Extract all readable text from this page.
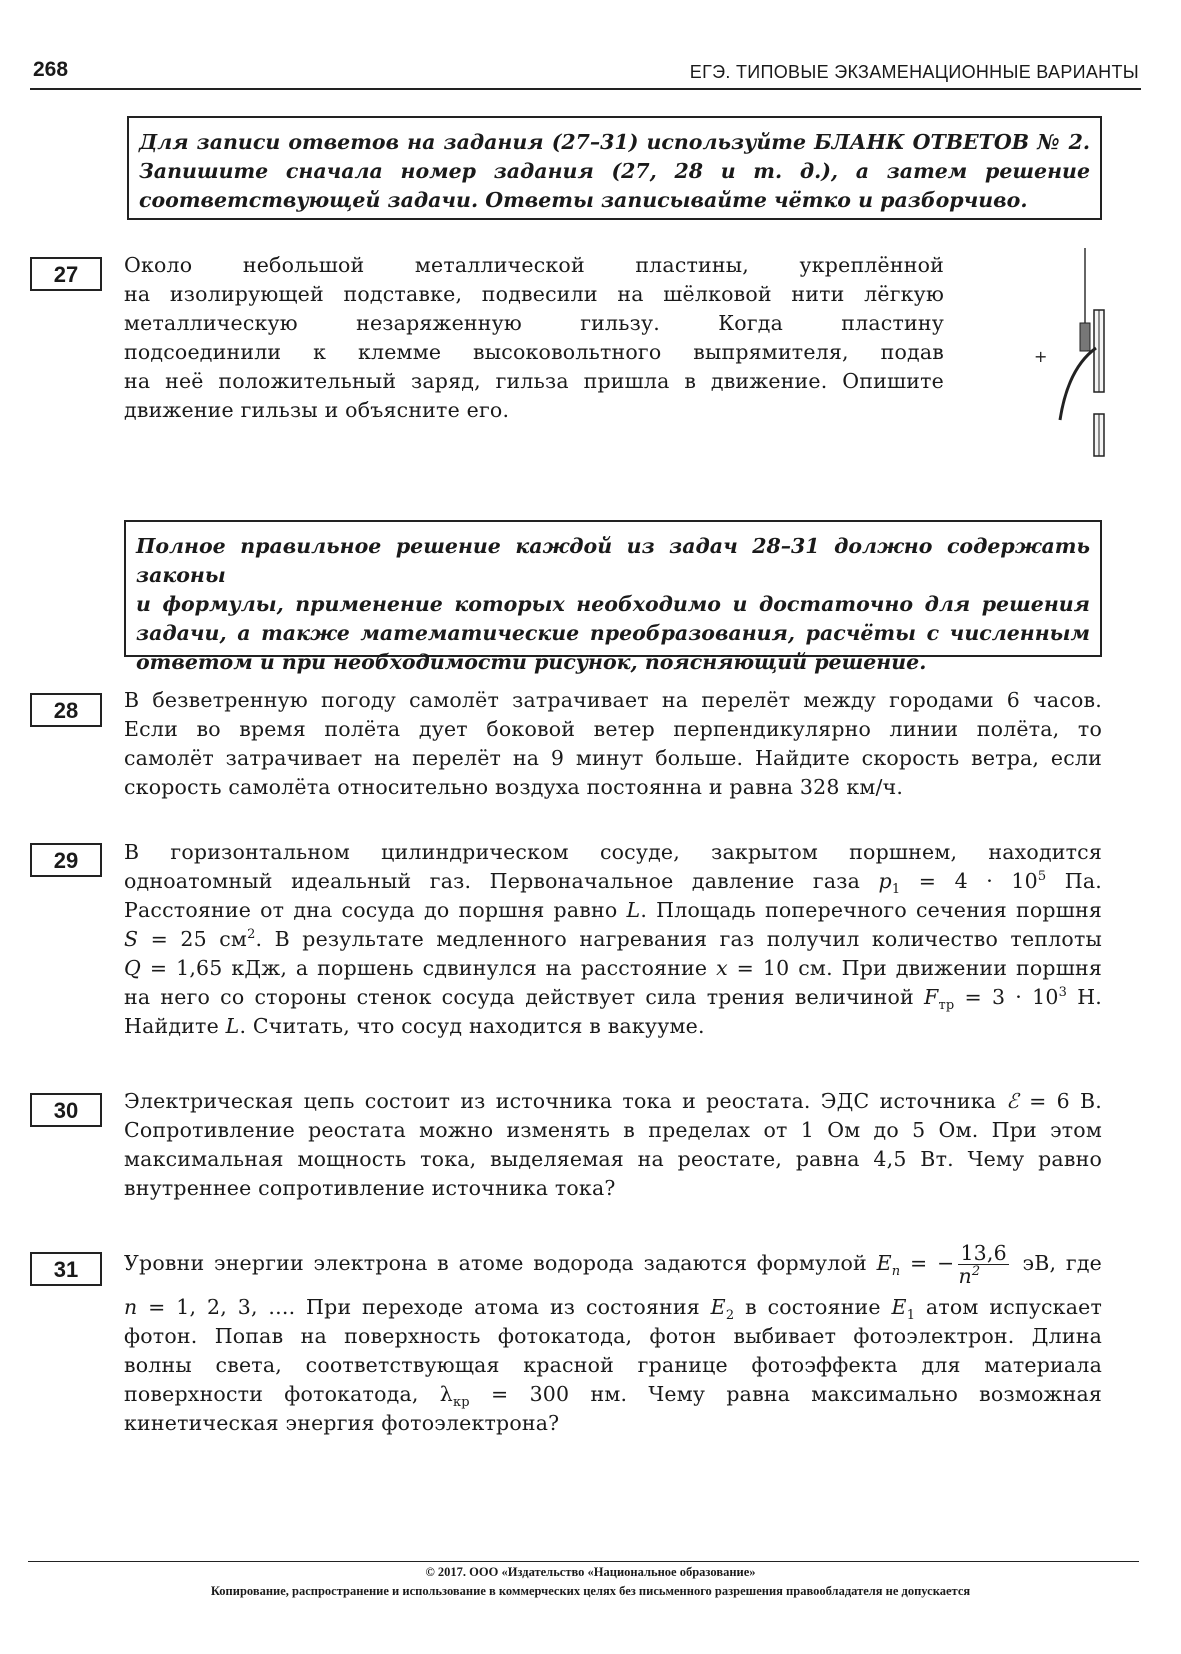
268	ЕГЭ. ТИПОВЫЕ ЭКЗАМЕНАЦИОННЫЕ ВАРИАНТЫ
Для записи ответов на задания (27–31) используйте БЛАНК ОТВЕТОВ № 2.
Запишите сначала номер задания (27, 28 и т. д.), а затем решение
соответствующей задачи. Ответы записывайте чётко и разборчиво.
27	Около небольшой металлической пластины, укреплённой
на изолирующей подставке, подвесили на шёлковой нити лёгкую
металлическую незаряженную гильзу. Когда пластину
подсоединили к клемме высоковольтного выпрямителя, подав
на неё положительный заряд, гильза пришла в движение. Опишите
движение гильзы и объясните его.
+
Полное правильное решение каждой из задач 28–31 должно содержать законы
и формулы, применение которых необходимо и достаточно для решения
задачи, а также математические преобразования, расчёты с численным
ответом и при необходимости рисунок, поясняющий решение.
28	В безветренную погоду самолёт затрачивает на перелёт между городами 6 часов.
Если во время полёта дует боковой ветер перпендикулярно линии полёта, то
самолёт затрачивает на перелёт на 9 минут больше. Найдите скорость ветра, если
скорость самолёта относительно воздуха постоянна и равна 328 км/ч.
29	В горизонтальном цилиндрическом сосуде, закрытом поршнем, находится
одноатомный идеальный газ. Первоначальное давление газа $p_1 = 4 \cdot 10^5$ Па.
Расстояние от дна сосуда до поршня равно L. Площадь поперечного сечения поршня
S = 25 $см^2$. В результате медленного нагревания газ получил количество теплоты
Q = 1,65 кДж, а поршень сдвинулся на расстояние x = 10 см. При движении поршня
на него со стороны стенок сосуда действует сила трения величиной $F_{тр} = 3 \cdot 10^3$ Н.
Найдите L. Считать, что сосуд находится в вакууме.
30	Электрическая цепь состоит из источника тока и реостата. ЭДС источника ℰ = 6 В.
Сопротивление реостата можно изменять в пределах от 1 Ом до 5 Ом. При этом
максимальная мощность тока, выделяемая на реостате, равна 4,5 Вт. Чему равно
внутреннее сопротивление источника тока?
31	Уровни энергии электрона в атоме водорода задаются формулой $E_n$ = − $\frac{13,6}{n^2}$ эВ, где
n = 1, 2, 3, .... При переходе атома из состояния $E_2$ в состояние $E_1$ атом испускает
фотон. Попав на поверхность фотокатода, фотон выбивает фотоэлектрон. Длина
волны света, соответствующая красной границе фотоэффекта для материала
поверхности фотокатода, $\lambda_{кр} = 300$ нм. Чему равна максимально возможная
кинетическая энергия фотоэлектрона?
© 2017. ООО «Издательство «Национальное образование»
Копирование, распространение и использование в коммерческих целях без письменного разрешения правообладателя не допускается
